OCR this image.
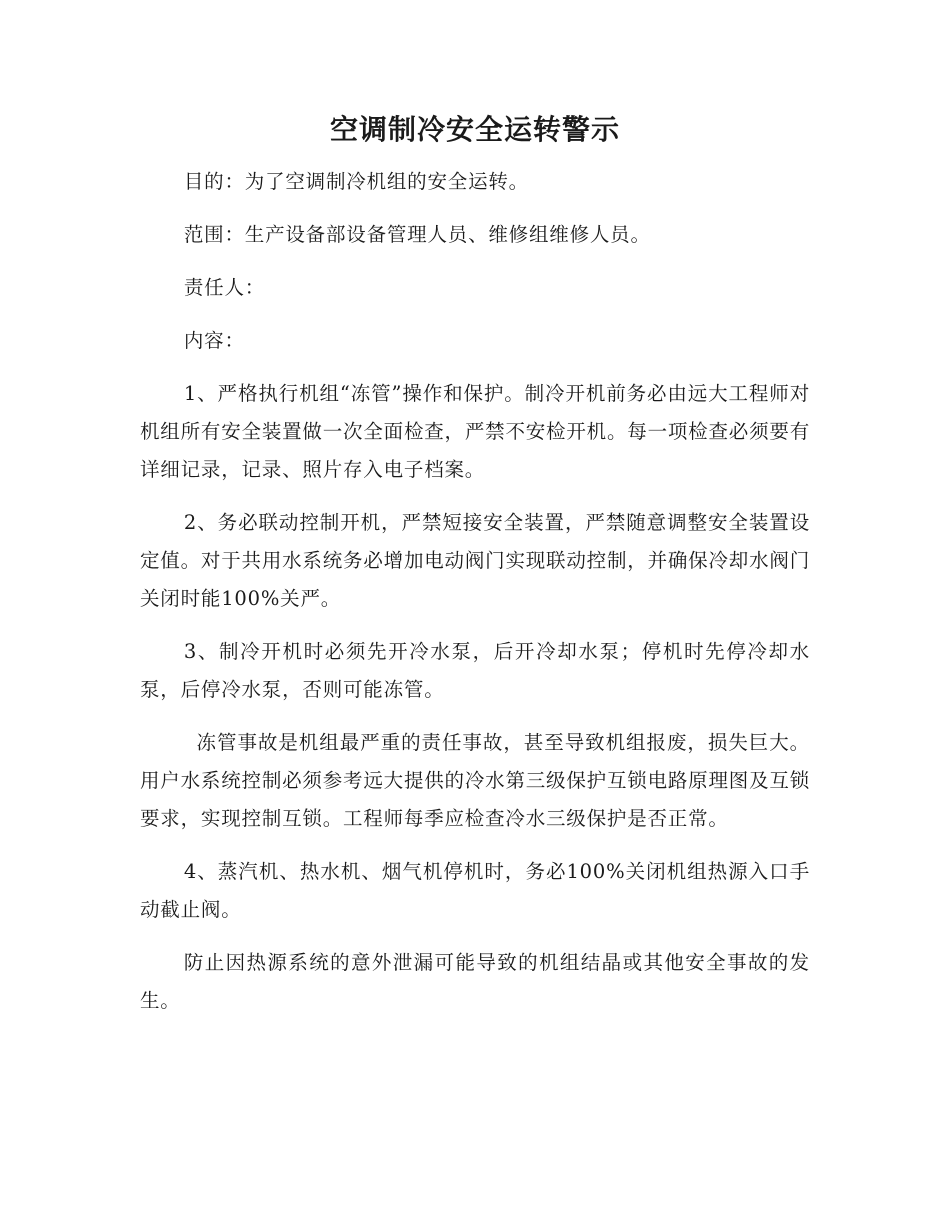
空调制冷安全运转警示

目的：为了空调制冷机组的安全运转。

范围：生产设备部设备管理人员、维修组维修人员。

责任人：

内容：

1、严格执行机组“冻管”操作和保护。制冷开机前务必由远大工程师对机组所有安全装置做一次全面检查，严禁不安检开机。每一项检查必须要有详细记录，记录、照片存入电子档案。

2、务必联动控制开机，严禁短接安全装置，严禁随意调整安全装置设定值。对于共用水系统务必增加电动阀门实现联动控制，并确保冷却水阀门关闭时能100%关严。

3、制冷开机时必须先开冷水泵，后开冷却水泵；停机时先停冷却水泵，后停冷水泵，否则可能冻管。

冻管事故是机组最严重的责任事故，甚至导致机组报废，损失巨大。用户水系统控制必须参考远大提供的冷水第三级保护互锁电路原理图及互锁要求，实现控制互锁。工程师每季应检查冷水三级保护是否正常。

4、蒸汽机、热水机、烟气机停机时，务必100%关闭机组热源入口手动截止阀。

防止因热源系统的意外泄漏可能导致的机组结晶或其他安全事故的发生。
